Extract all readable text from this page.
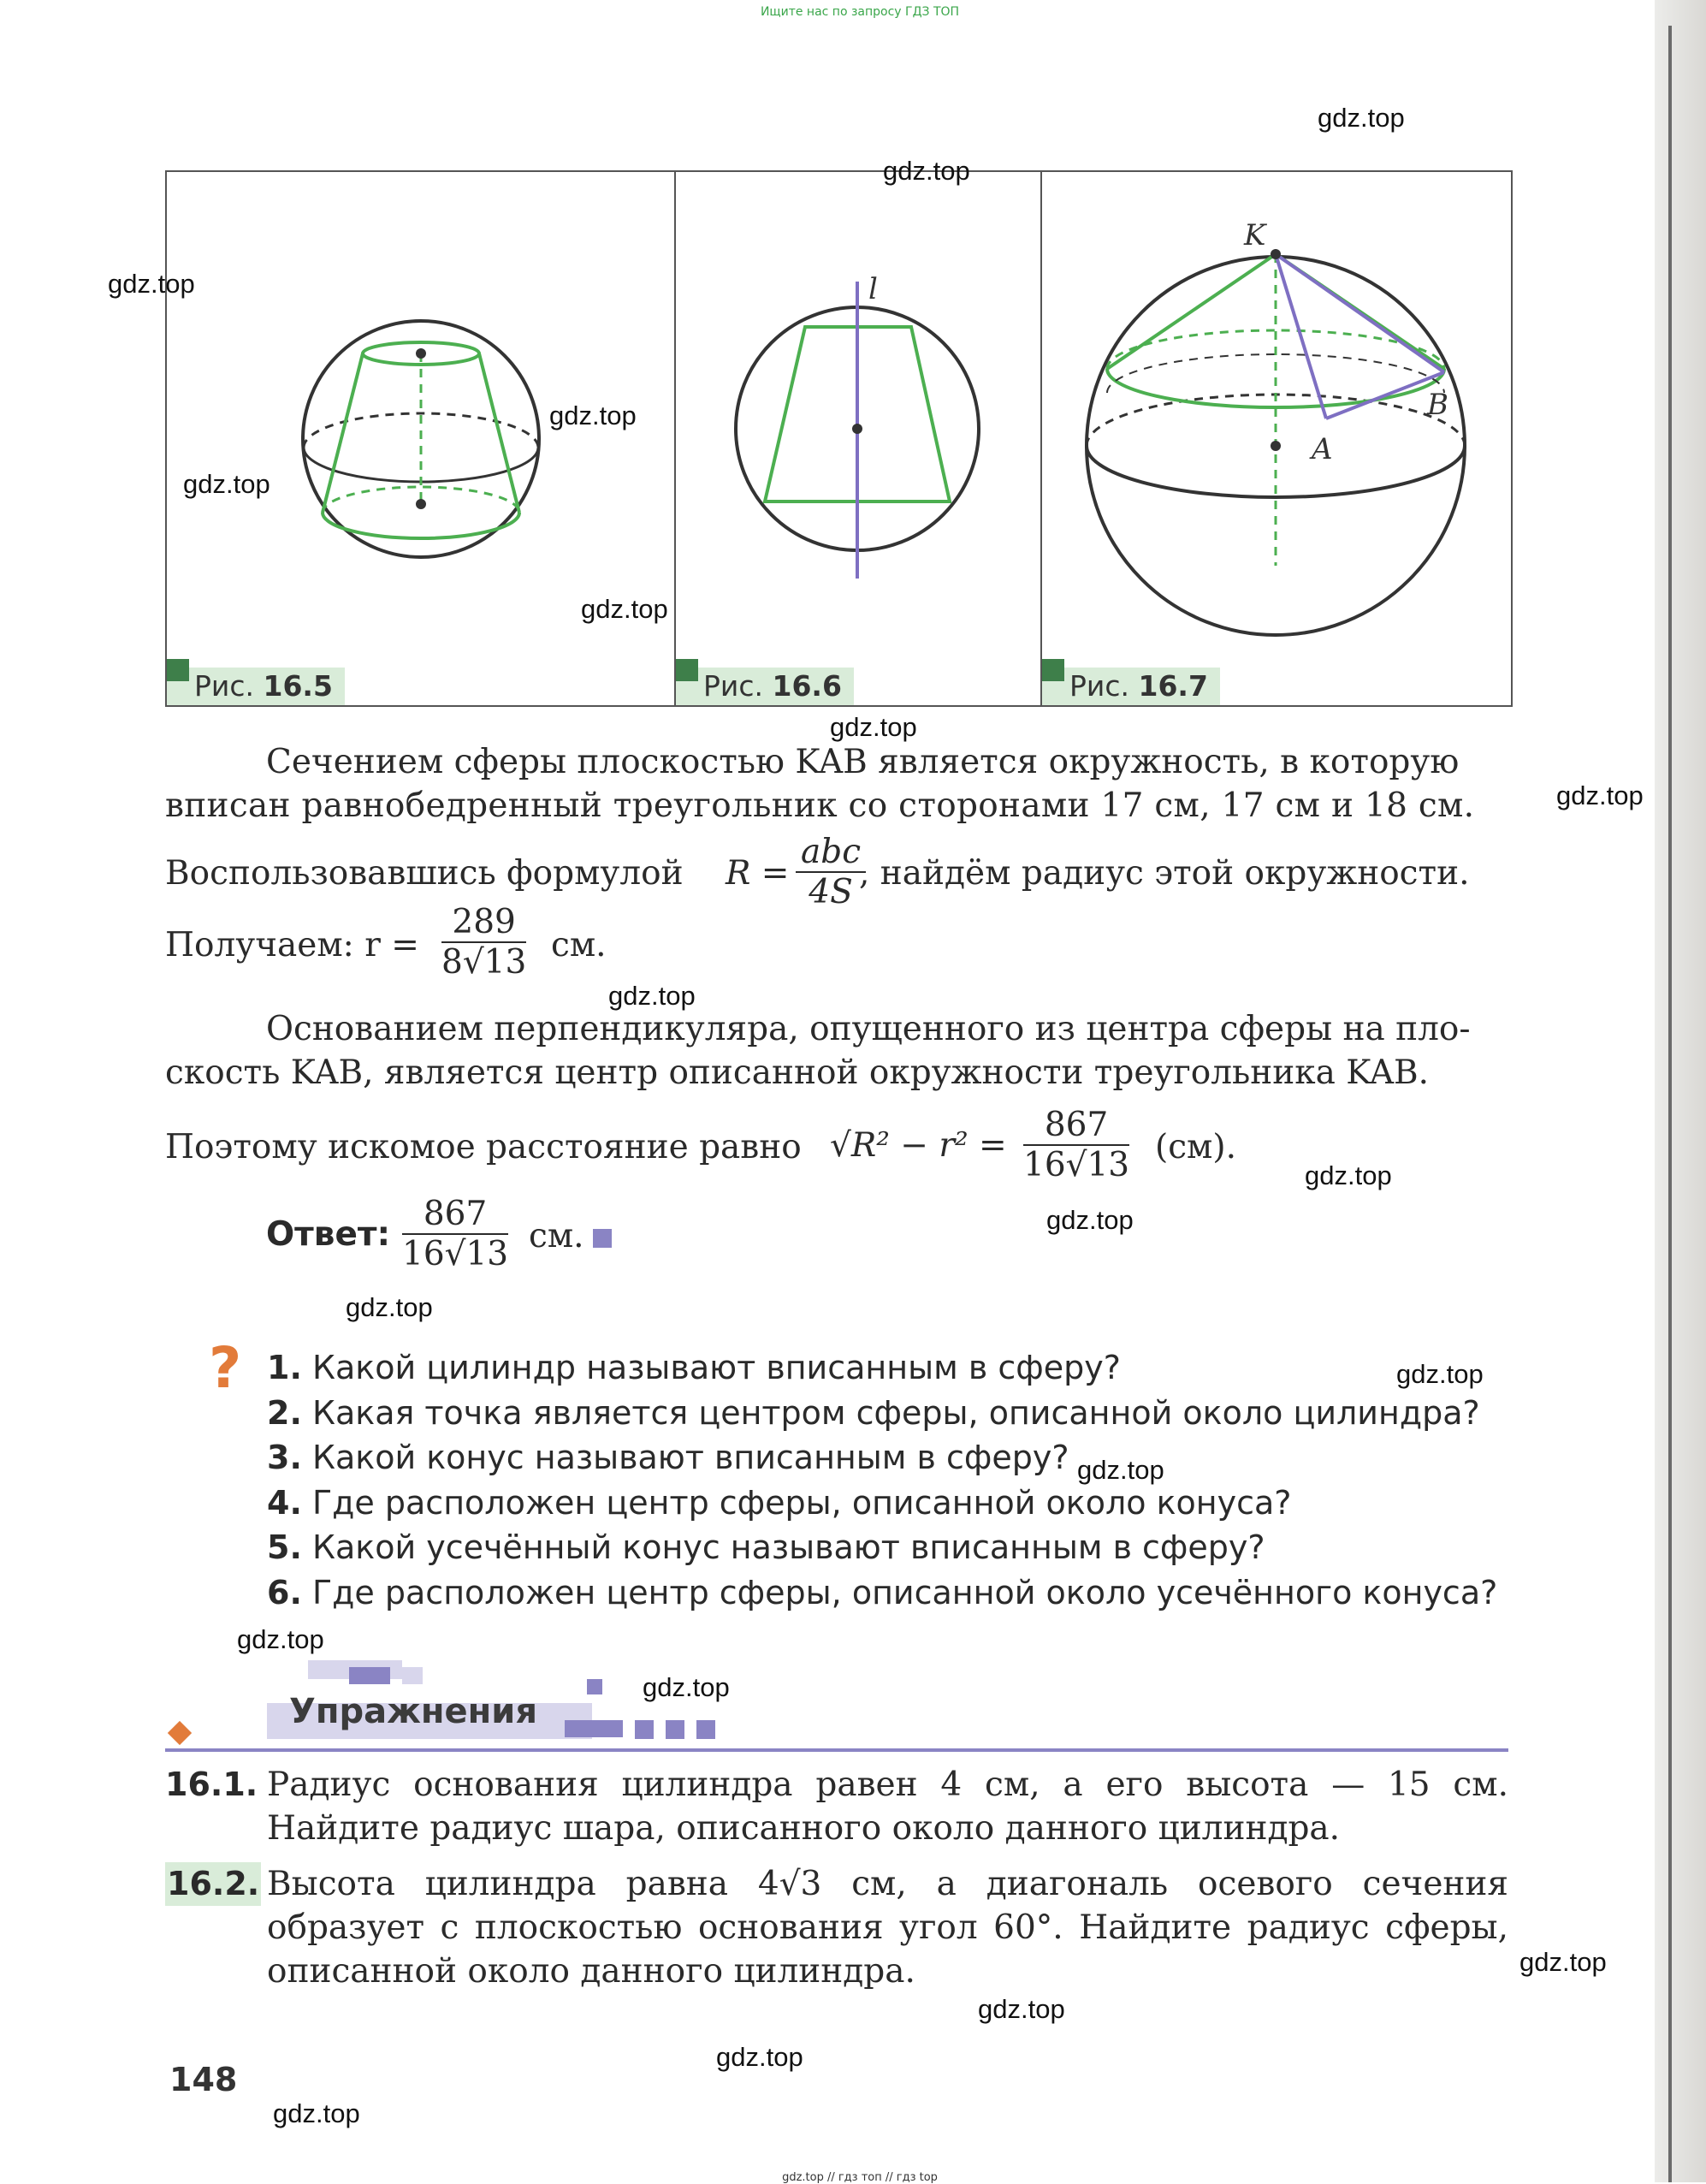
Ищите нас по запросу ГДЗ ТОП
Рис. 16.5
l
Рис. 16.6
K
B
A
Рис. 16.7
Сечением сферы плоскостью KAB является окружность, в которую
вписан равнобедренный треугольник со сторонами 17 см, 17 см и 18 см.
Воспользовавшись формулой R =
abc
4S , найдём радиус этой окружности.
Получаем: $r = \frac{289}{8√13}$ см.
Основанием перпендикуляра, опущенного из центра сферы на пло-
скость KAB, является центр описанной окружности треугольника KAB.
Поэтому искомое расстояние равно $√R^2 - r^2 = \frac{867}{16√13} (см)$.
Ответ: $\frac{867}{16√13}$ см.
? 1. Какой цилиндр называют вписанным в сферу?
2. Какая точка является центром сферы, описанной около цилиндра?
3. Какой конус называют вписанным в сферу?
4. Где расположен центр сферы, описанной около конуса?
5. Какой усечённый конус называют вписанным в сферу?
6. Где расположен центр сферы, описанной около усечённого конуса?
Упражнения
16.1. Радиус основания цилиндра равен 4 см, а его высота — 15 см. Найдите радиус шара, описанного около данного цилиндра.
16.2. Высота цилиндра равна 4√3 см, а диагональ осевого сечения образует с плоскостью основания угол 60°. Найдите радиус сферы, описанной около данного цилиндра.
148
gdz.top // гдз топ // гдз top
gdz.top
gdz.top
gdz.top
gdz.top
gdz.top
gdz.top
gdz.top
gdz.top
gdz.top
gdz.top
gdz.top
gdz.top
gdz.top
gdz.top
gdz.top
gdz.top
gdz.top
gdz.top
gdz.top
gdz.top
